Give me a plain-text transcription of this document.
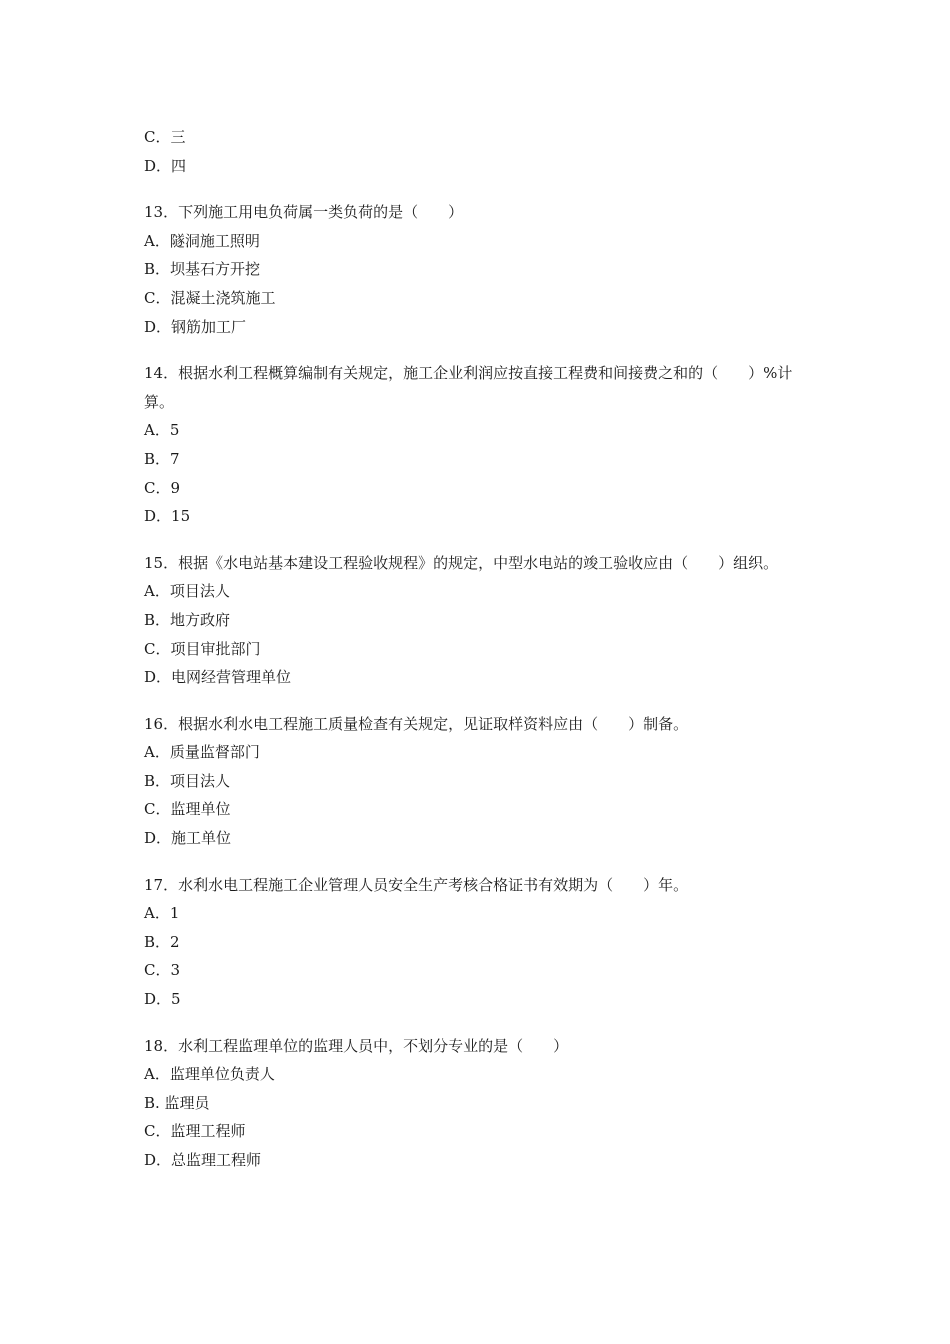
C．三
D．四
13．下列施工用电负荷属一类负荷的是（　　）
A．隧洞施工照明
B．坝基石方开挖
C．混凝土浇筑施工
D．钢筋加工厂
14．根据水利工程概算编制有关规定，施工企业利润应按直接工程费和间接费之和的（　　）%计算。
A．5
B．7
C．9
D．15
15．根据《水电站基本建设工程验收规程》的规定，中型水电站的竣工验收应由（　　）组织。
A．项目法人
B．地方政府
C．项目审批部门
D．电网经营管理单位
16．根据水利水电工程施工质量检查有关规定，见证取样资料应由（　　）制备。
A．质量监督部门
B．项目法人
C．监理单位
D．施工单位
17．水利水电工程施工企业管理人员安全生产考核合格证书有效期为（　　）年。
A．1
B．2
C．3
D．5
18．水利工程监理单位的监理人员中，不划分专业的是（　　）
A．监理单位负责人
B. 监理员
C．监理工程师
D．总监理工程师
